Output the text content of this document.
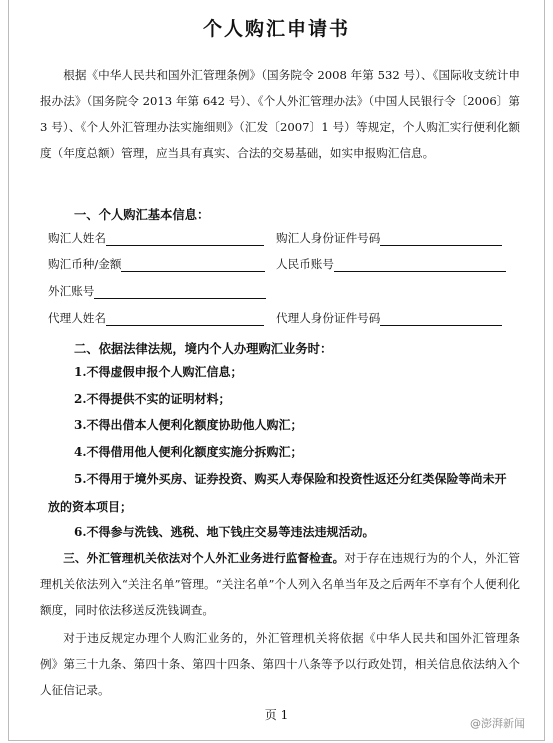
个人购汇申请书
根据《中华人民共和国外汇管理条例》（国务院令 2008 年第 532 号）、《国际收支统计申报办法》（国务院令 2013 年第 642 号）、《个人外汇管理办法》（中国人民银行令〔2006〕第 3 号）、《个人外汇管理办法实施细则》（汇发〔2007〕1 号）等规定，个人购汇实行便利化额度（年度总额）管理，应当具有真实、合法的交易基础，如实申报购汇信息。
一、个人购汇基本信息：
购汇人姓名	购汇人身份证件号码
购汇币种/金额	人民币账号
外汇账号
代理人姓名	代理人身份证件号码
二、依据法律法规，境内个人办理购汇业务时：
1.不得虚假申报个人购汇信息；
2.不得提供不实的证明材料；
3.不得出借本人便利化额度协助他人购汇；
4.不得借用他人便利化额度实施分拆购汇；
5.不得用于境外买房、证券投资、购买人寿保险和投资性返还分红类保险等尚未开放的资本项目；
6.不得参与洗钱、逃税、地下钱庄交易等违法违规活动。
三、外汇管理机关依法对个人外汇业务进行监督检查。对于存在违规行为的个人，外汇管理机关依法列入“关注名单”管理。“关注名单”个人列入名单当年及之后两年不享有个人便利化额度，同时依法移送反洗钱调查。
对于违反规定办理个人购汇业务的，外汇管理机关将依据《中华人民共和国外汇管理条例》第三十九条、第四十条、第四十四条、第四十八条等予以行政处罚，相关信息依法纳入个人征信记录。
页 1
@澎湃新闻
